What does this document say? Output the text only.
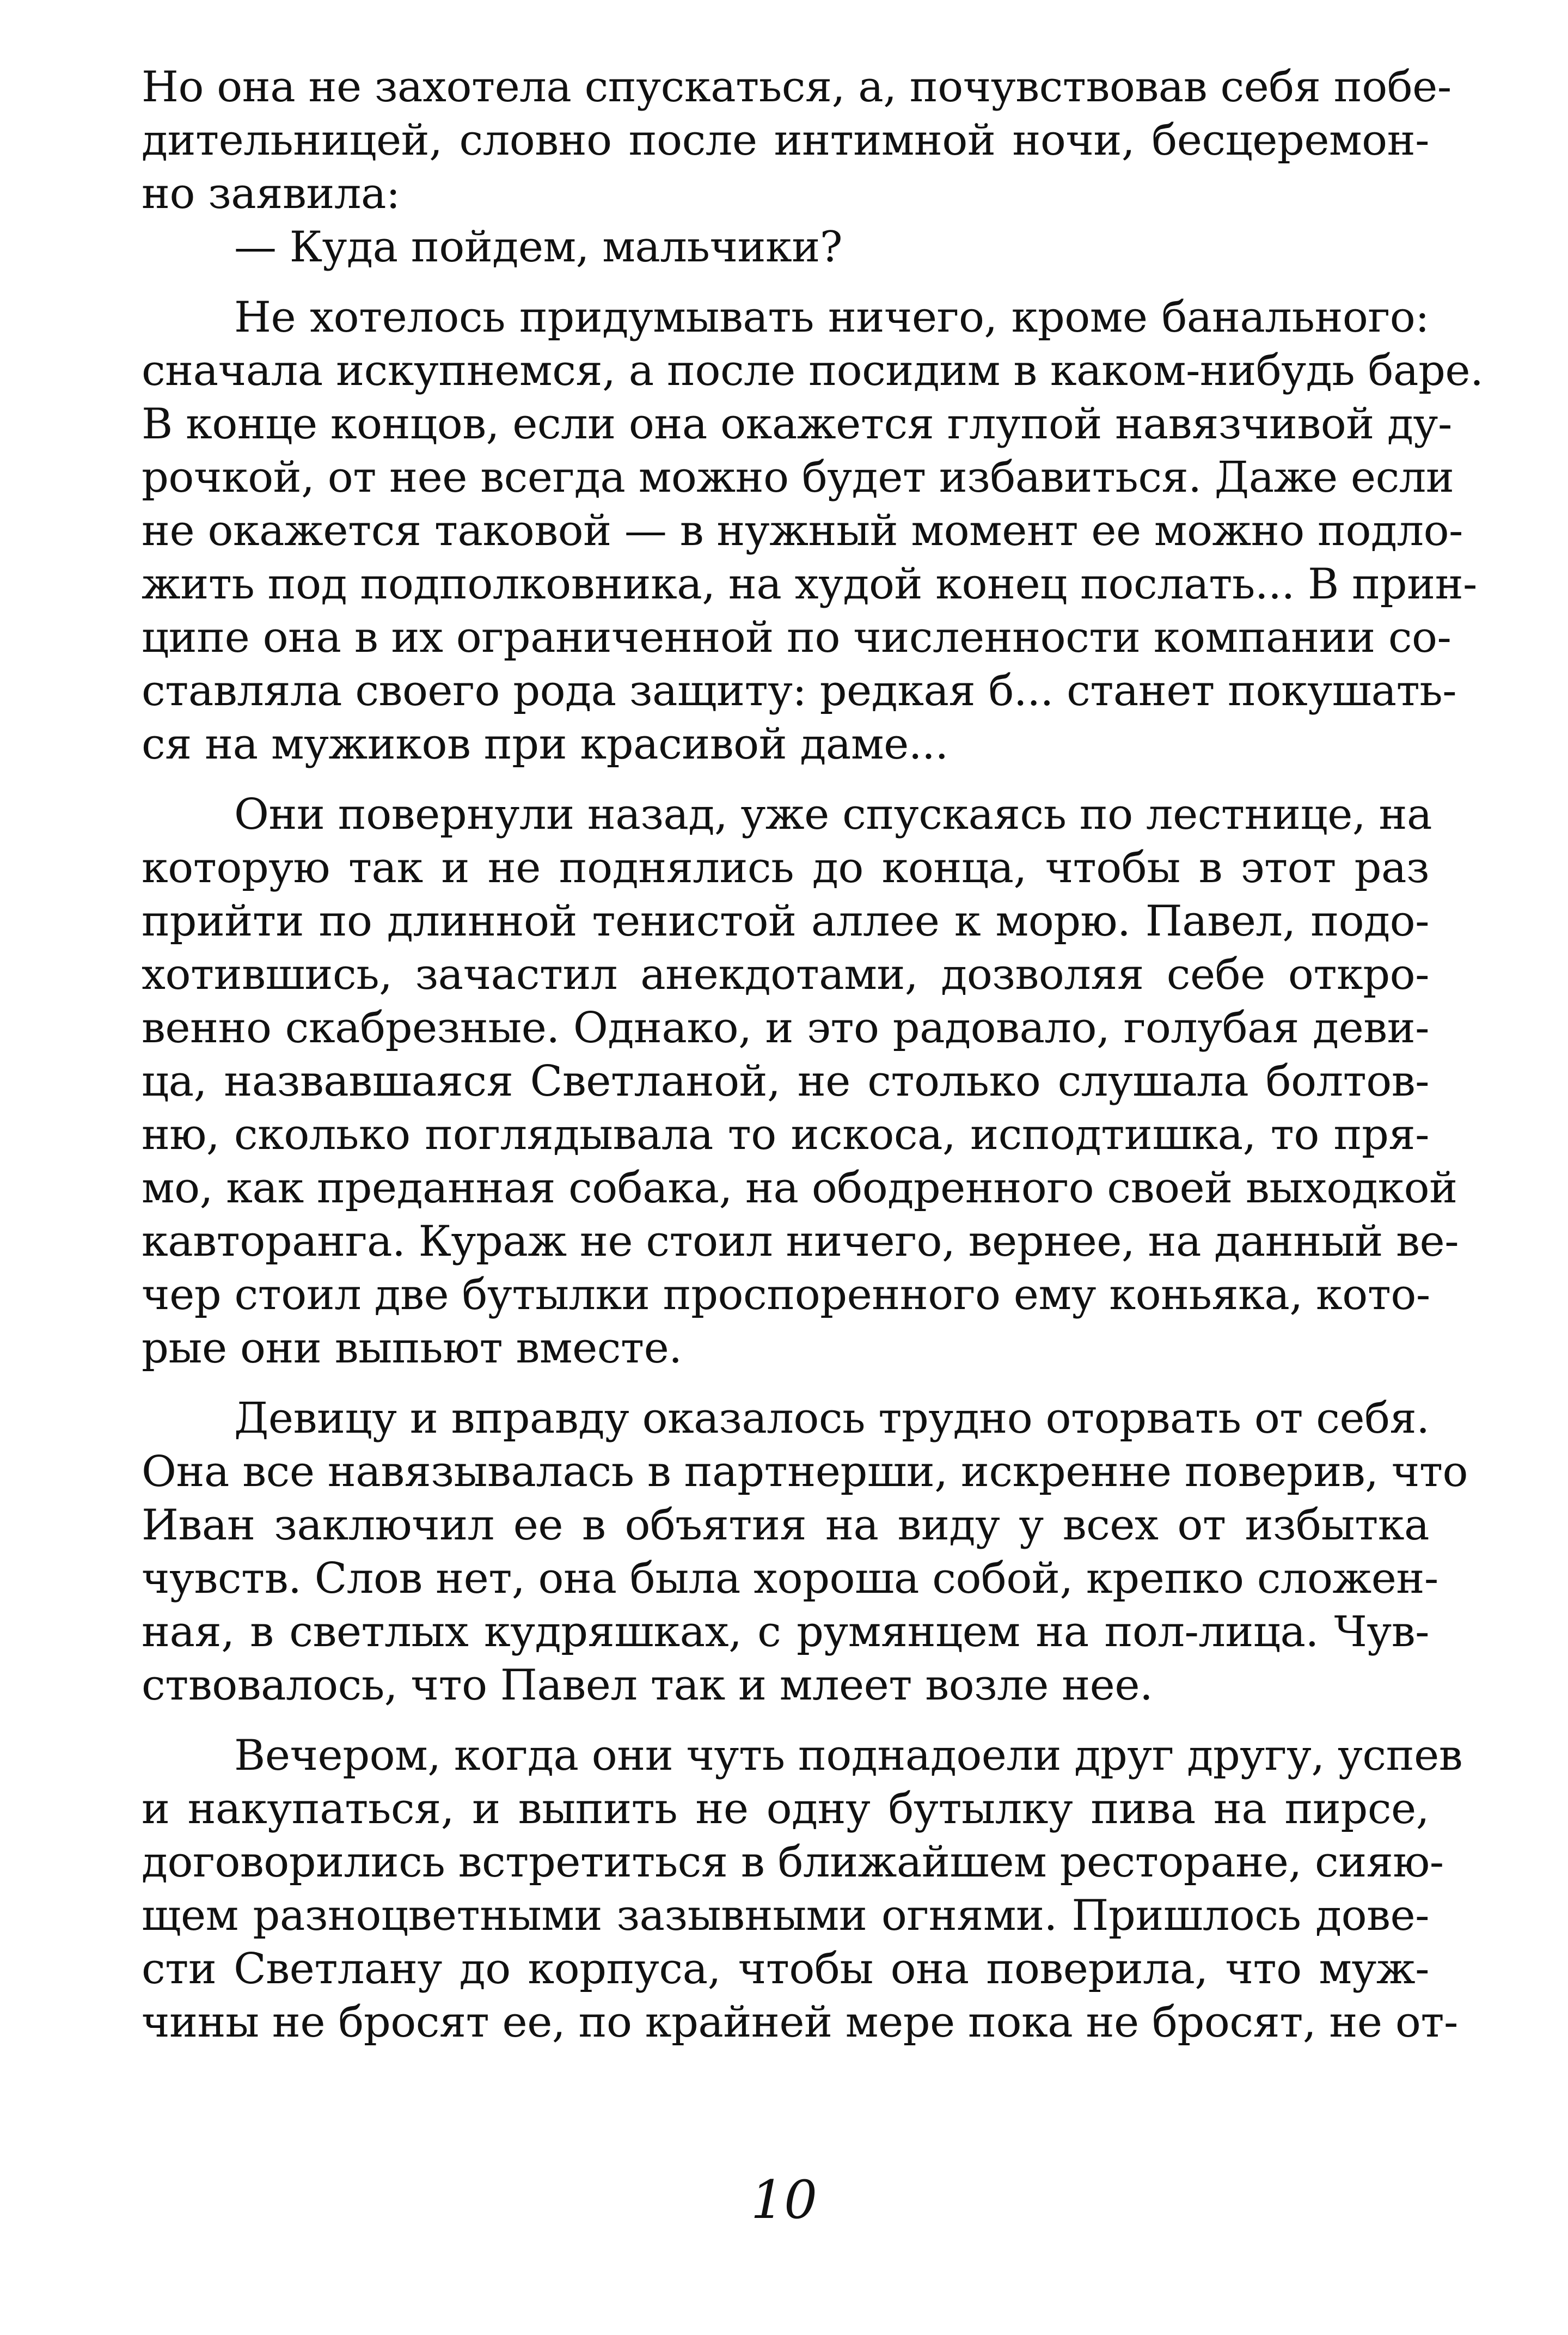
Но она не захотела спускаться, а, почувствовав себя побе-
дительницей, словно после интимной ночи, бесцеремон-
но заявила:
— Куда пойдем, мальчики?
Не хотелось придумывать ничего, кроме банального:
сначала искупнемся, а после посидим в каком-нибудь баре.
В конце концов, если она окажется глупой навязчивой ду-
рочкой, от нее всегда можно будет избавиться. Даже если
не окажется таковой — в нужный момент ее можно подло-
жить под подполковника, на худой конец послать... В прин-
ципе она в их ограниченной по численности компании со-
ставляла своего рода защиту: редкая б... станет покушать-
ся на мужиков при красивой даме...
Они повернули назад, уже спускаясь по лестнице, на
которую так и не поднялись до конца, чтобы в этот раз
прийти по длинной тенистой аллее к морю. Павел, подо-
хотившись, зачастил анекдотами, дозволяя себе откро-
венно скабрезные. Однако, и это радовало, голубая деви-
ца, назвавшаяся Светланой, не столько слушала болтов-
ню, сколько поглядывала то искоса, исподтишка, то пря-
мо, как преданная собака, на ободренного своей выходкой
кавторанга. Кураж не стоил ничего, вернее, на данный ве-
чер стоил две бутылки проспоренного ему коньяка, кото-
рые они выпьют вместе.
Девицу и вправду оказалось трудно оторвать от себя.
Она все навязывалась в партнерши, искренне поверив, что
Иван заключил ее в объятия на виду у всех от избытка
чувств. Слов нет, она была хороша собой, крепко сложен-
ная, в светлых кудряшках, с румянцем на пол-лица. Чув-
ствовалось, что Павел так и млеет возле нее.
Вечером, когда они чуть поднадоели друг другу, успев
и накупаться, и выпить не одну бутылку пива на пирсе,
договорились встретиться в ближайшем ресторане, сияю-
щем разноцветными зазывными огнями. Пришлось дове-
сти Светлану до корпуса, чтобы она поверила, что муж-
чины не бросят ее, по крайней мере пока не бросят, не от-
10
